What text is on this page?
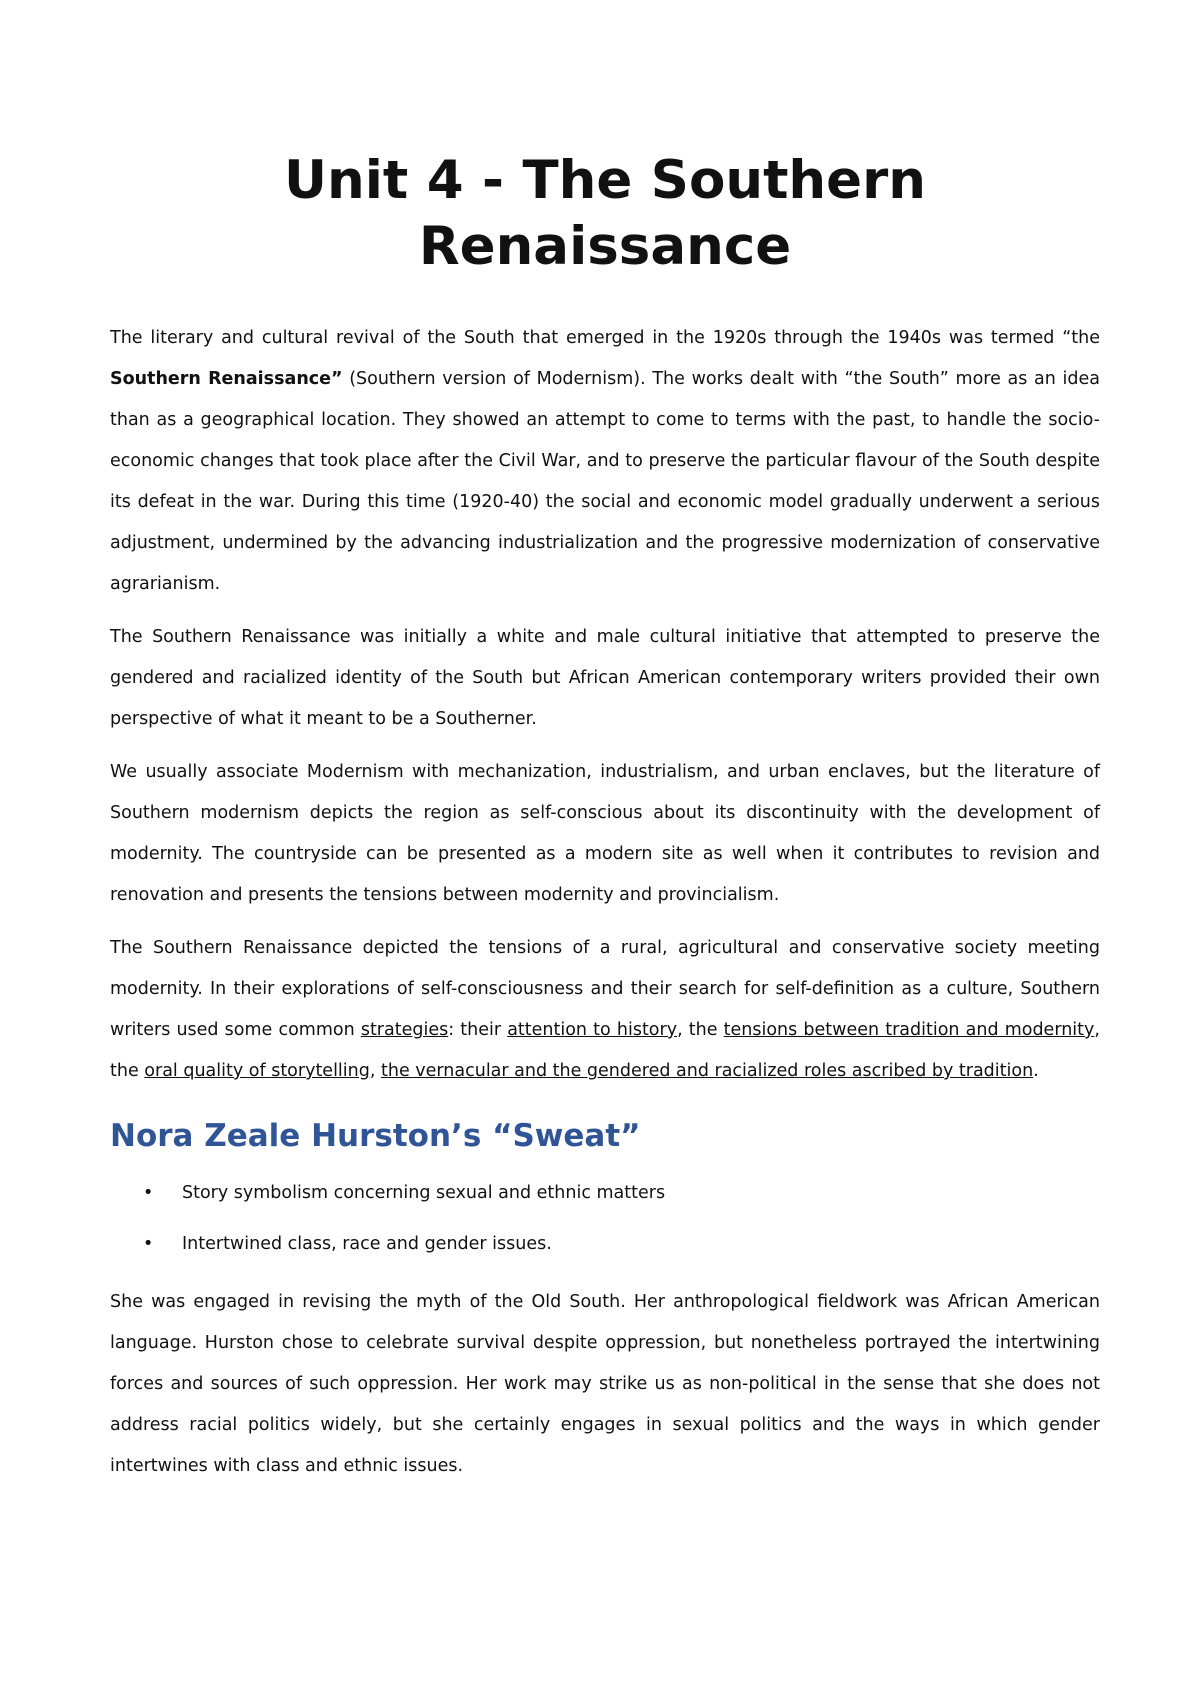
Unit 4 - The Southern
Renaissance

The literary and cultural revival of the South that emerged in the 1920s through the 1940s was termed “the Southern Renaissance” (Southern version of Modernism). The works dealt with “the South” more as an idea than as a geographical location. They showed an attempt to come to terms with the past, to handle the socio-economic changes that took place after the Civil War, and to preserve the particular flavour of the South despite its defeat in the war. During this time (1920-40) the social and economic model gradually underwent a serious adjustment, undermined by the advancing industrialization and the progressive modernization of conservative agrarianism.

The Southern Renaissance was initially a white and male cultural initiative that attempted to preserve the gendered and racialized identity of the South but African American contemporary writers provided their own perspective of what it meant to be a Southerner.

We usually associate Modernism with mechanization, industrialism, and urban enclaves, but the literature of Southern modernism depicts the region as self-conscious about its discontinuity with the development of modernity. The countryside can be presented as a modern site as well when it contributes to revision and renovation and presents the tensions between modernity and provincialism.

The Southern Renaissance depicted the tensions of a rural, agricultural and conservative society meeting modernity. In their explorations of self-consciousness and their search for self-definition as a culture, Southern writers used some common strategies: their attention to history, the tensions between tradition and modernity, the oral quality of storytelling, the vernacular and the gendered and racialized roles ascribed by tradition.

Nora Zeale Hurston’s “Sweat”
• Story symbolism concerning sexual and ethnic matters
• Intertwined class, race and gender issues.

She was engaged in revising the myth of the Old South. Her anthropological fieldwork was African American language. Hurston chose to celebrate survival despite oppression, but nonetheless portrayed the intertwining forces and sources of such oppression. Her work may strike us as non-political in the sense that she does not address racial politics widely, but she certainly engages in sexual politics and the ways in which gender intertwines with class and ethnic issues.
